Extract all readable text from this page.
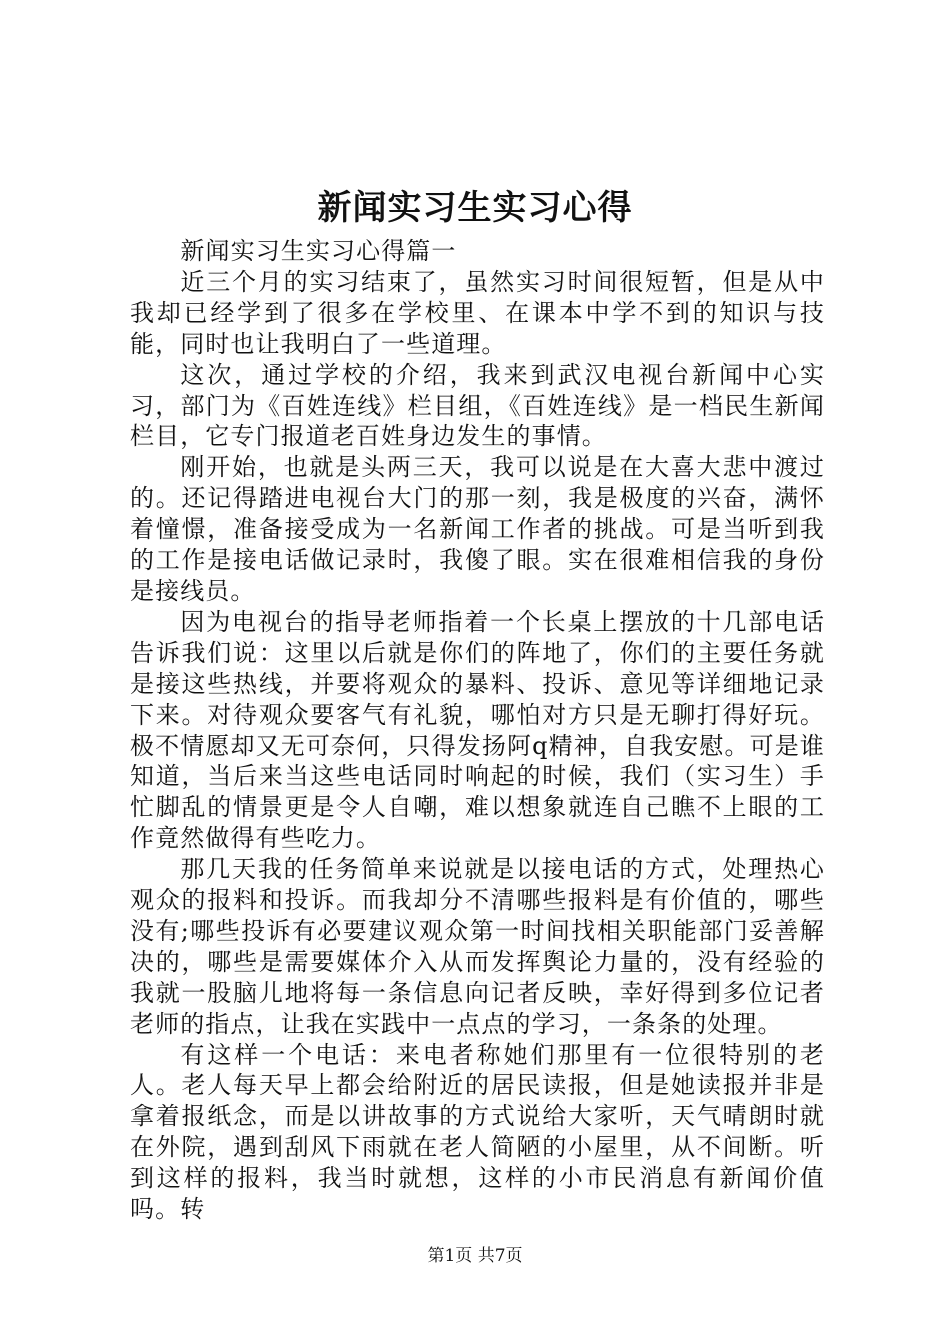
新闻实习生实习心得

新闻实习生实习心得篇一

近三个月的实习结束了，虽然实习时间很短暂，但是从中我却已经学到了很多在学校里、在课本中学不到的知识与技能，同时也让我明白了一些道理。

这次，通过学校的介绍，我来到武汉电视台新闻中心实习，部门为《百姓连线》栏目组，《百姓连线》是一档民生新闻栏目，它专门报道老百姓身边发生的事情。

刚开始，也就是头两三天，我可以说是在大喜大悲中渡过的。还记得踏进电视台大门的那一刻，我是极度的兴奋，满怀着憧憬，准备接受成为一名新闻工作者的挑战。可是当听到我的工作是接电话做记录时，我傻了眼。实在很难相信我的身份是接线员。

因为电视台的指导老师指着一个长桌上摆放的十几部电话告诉我们说：这里以后就是你们的阵地了，你们的主要任务就是接这些热线，并要将观众的暴料、投诉、意见等详细地记录下来。对待观众要客气有礼貌，哪怕对方只是无聊打得好玩。极不情愿却又无可奈何，只得发扬阿q精神，自我安慰。可是谁知道，当后来当这些电话同时响起的时候，我们（实习生）手忙脚乱的情景更是令人自嘲，难以想象就连自己瞧不上眼的工作竟然做得有些吃力。

那几天我的任务简单来说就是以接电话的方式，处理热心观众的报料和投诉。而我却分不清哪些报料是有价值的，哪些没有;哪些投诉有必要建议观众第一时间找相关职能部门妥善解决的，哪些是需要媒体介入从而发挥舆论力量的，没有经验的我就一股脑儿地将每一条信息向记者反映，幸好得到多位记者老师的指点，让我在实践中一点点的学习，一条条的处理。

有这样一个电话：来电者称她们那里有一位很特别的老人。老人每天早上都会给附近的居民读报，但是她读报并非是拿着报纸念，而是以讲故事的方式说给大家听，天气晴朗时就在外院，遇到刮风下雨就在老人简陋的小屋里，从不间断。听到这样的报料，我当时就想，这样的小市民消息有新闻价值吗。转

第1页 共7页
